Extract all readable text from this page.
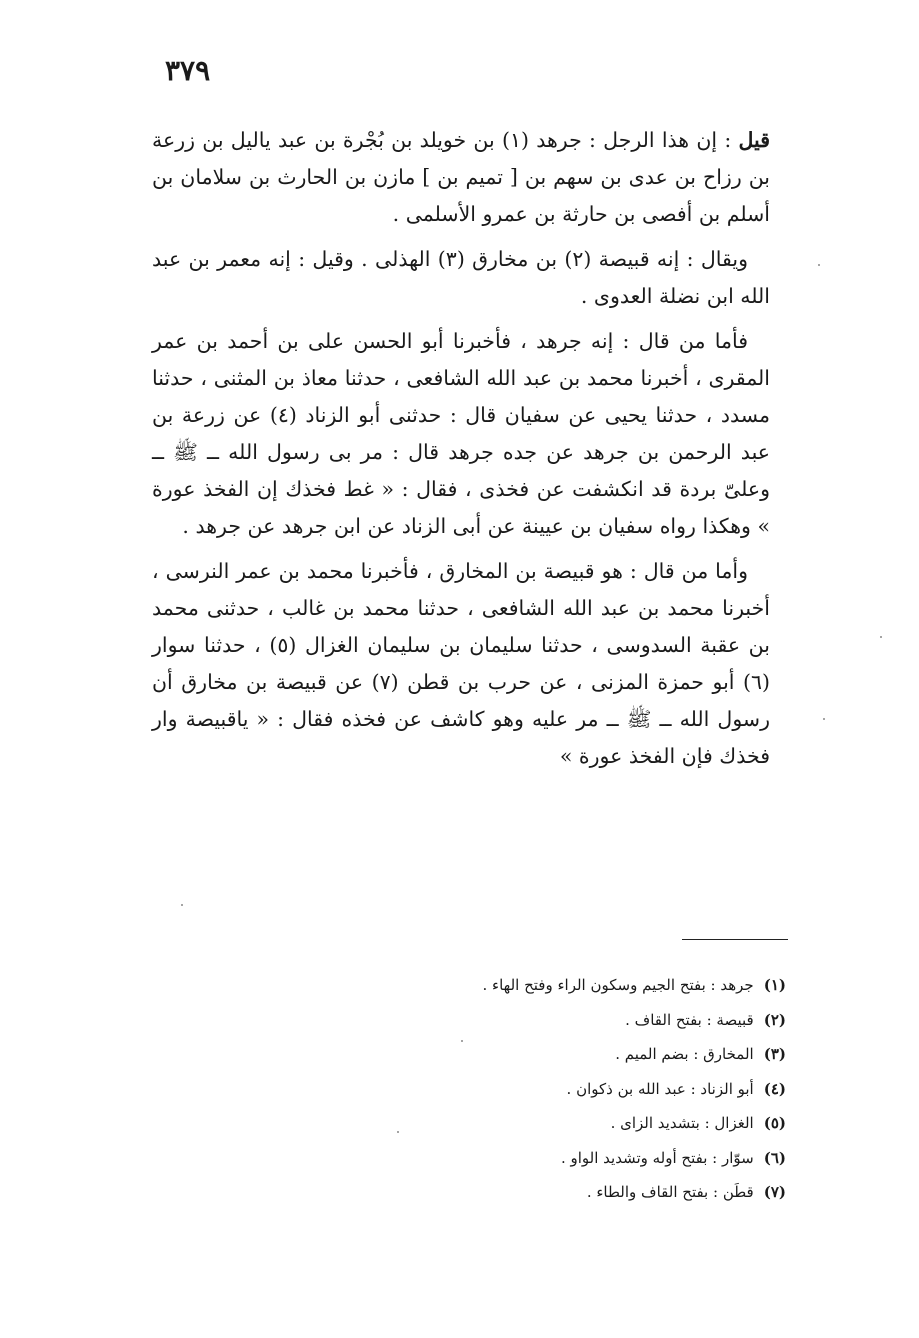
٣٧٩

قيل : إن هذا الرجل : جرهد (١) بن خويلد بن بُجْرة بن عبد ياليل بن زرعة بن رزاح بن عدى بن سهم بن [ تميم بن ] مازن بن الحارث بن سلامان بن أسلم بن أفصى بن حارثة بن عمرو الأسلمى .

ويقال : إنه قبيصة (٢) بن مخارق (٣) الهذلى . وقيل : إنه معمر بن عبد الله ابن نضلة العدوى .

فأما من قال : إنه جرهد ، فأخبرنا أبو الحسن على بن أحمد بن عمر المقرى ، أخبرنا محمد بن عبد الله الشافعى ، حدثنا معاذ بن المثنى ، حدثنا مسدد ، حدثنا يحيى عن سفيان قال : حدثنى أبو الزناد (٤) عن زرعة بن عبد الرحمن بن جرهد عن جده جرهد قال : مر بى رسول الله ــ ﷺ ــ وعلىّ بردة قد انكشفت عن فخذى ، فقال : « غط فخذك إن الفخذ عورة » وهكذا رواه سفيان بن عيينة عن أبى الزناد عن ابن جرهد عن جرهد .

وأما من قال : هو قبيصة بن المخارق ، فأخبرنا محمد بن عمر النرسى ، أخبرنا محمد بن عبد الله الشافعى ، حدثنا محمد بن غالب ، حدثنى محمد بن عقبة السدوسى ، حدثنا سليمان بن سليمان الغزال (٥) ، حدثنا سوار (٦) أبو حمزة المزنى ، عن حرب بن قطن (٧) عن قبيصة بن مخارق أن رسول الله ــ ﷺ ــ مر عليه وهو كاشف عن فخذه فقال : « ياقبيصة وار فخذك فإن الفخذ عورة »

(١)جرهد : بفتح الجيم وسكون الراء وفتح الهاء .
(٢)قبيصة : بفتح القاف .
(٣)المخارق : بضم الميم .
(٤)أبو الزناد : عبد الله بن ذكوان .
(٥)الغزال : بتشديد الزاى .
(٦)سوّار : بفتح أوله وتشديد الواو .
(٧)قطَن : بفتح القاف والطاء .
